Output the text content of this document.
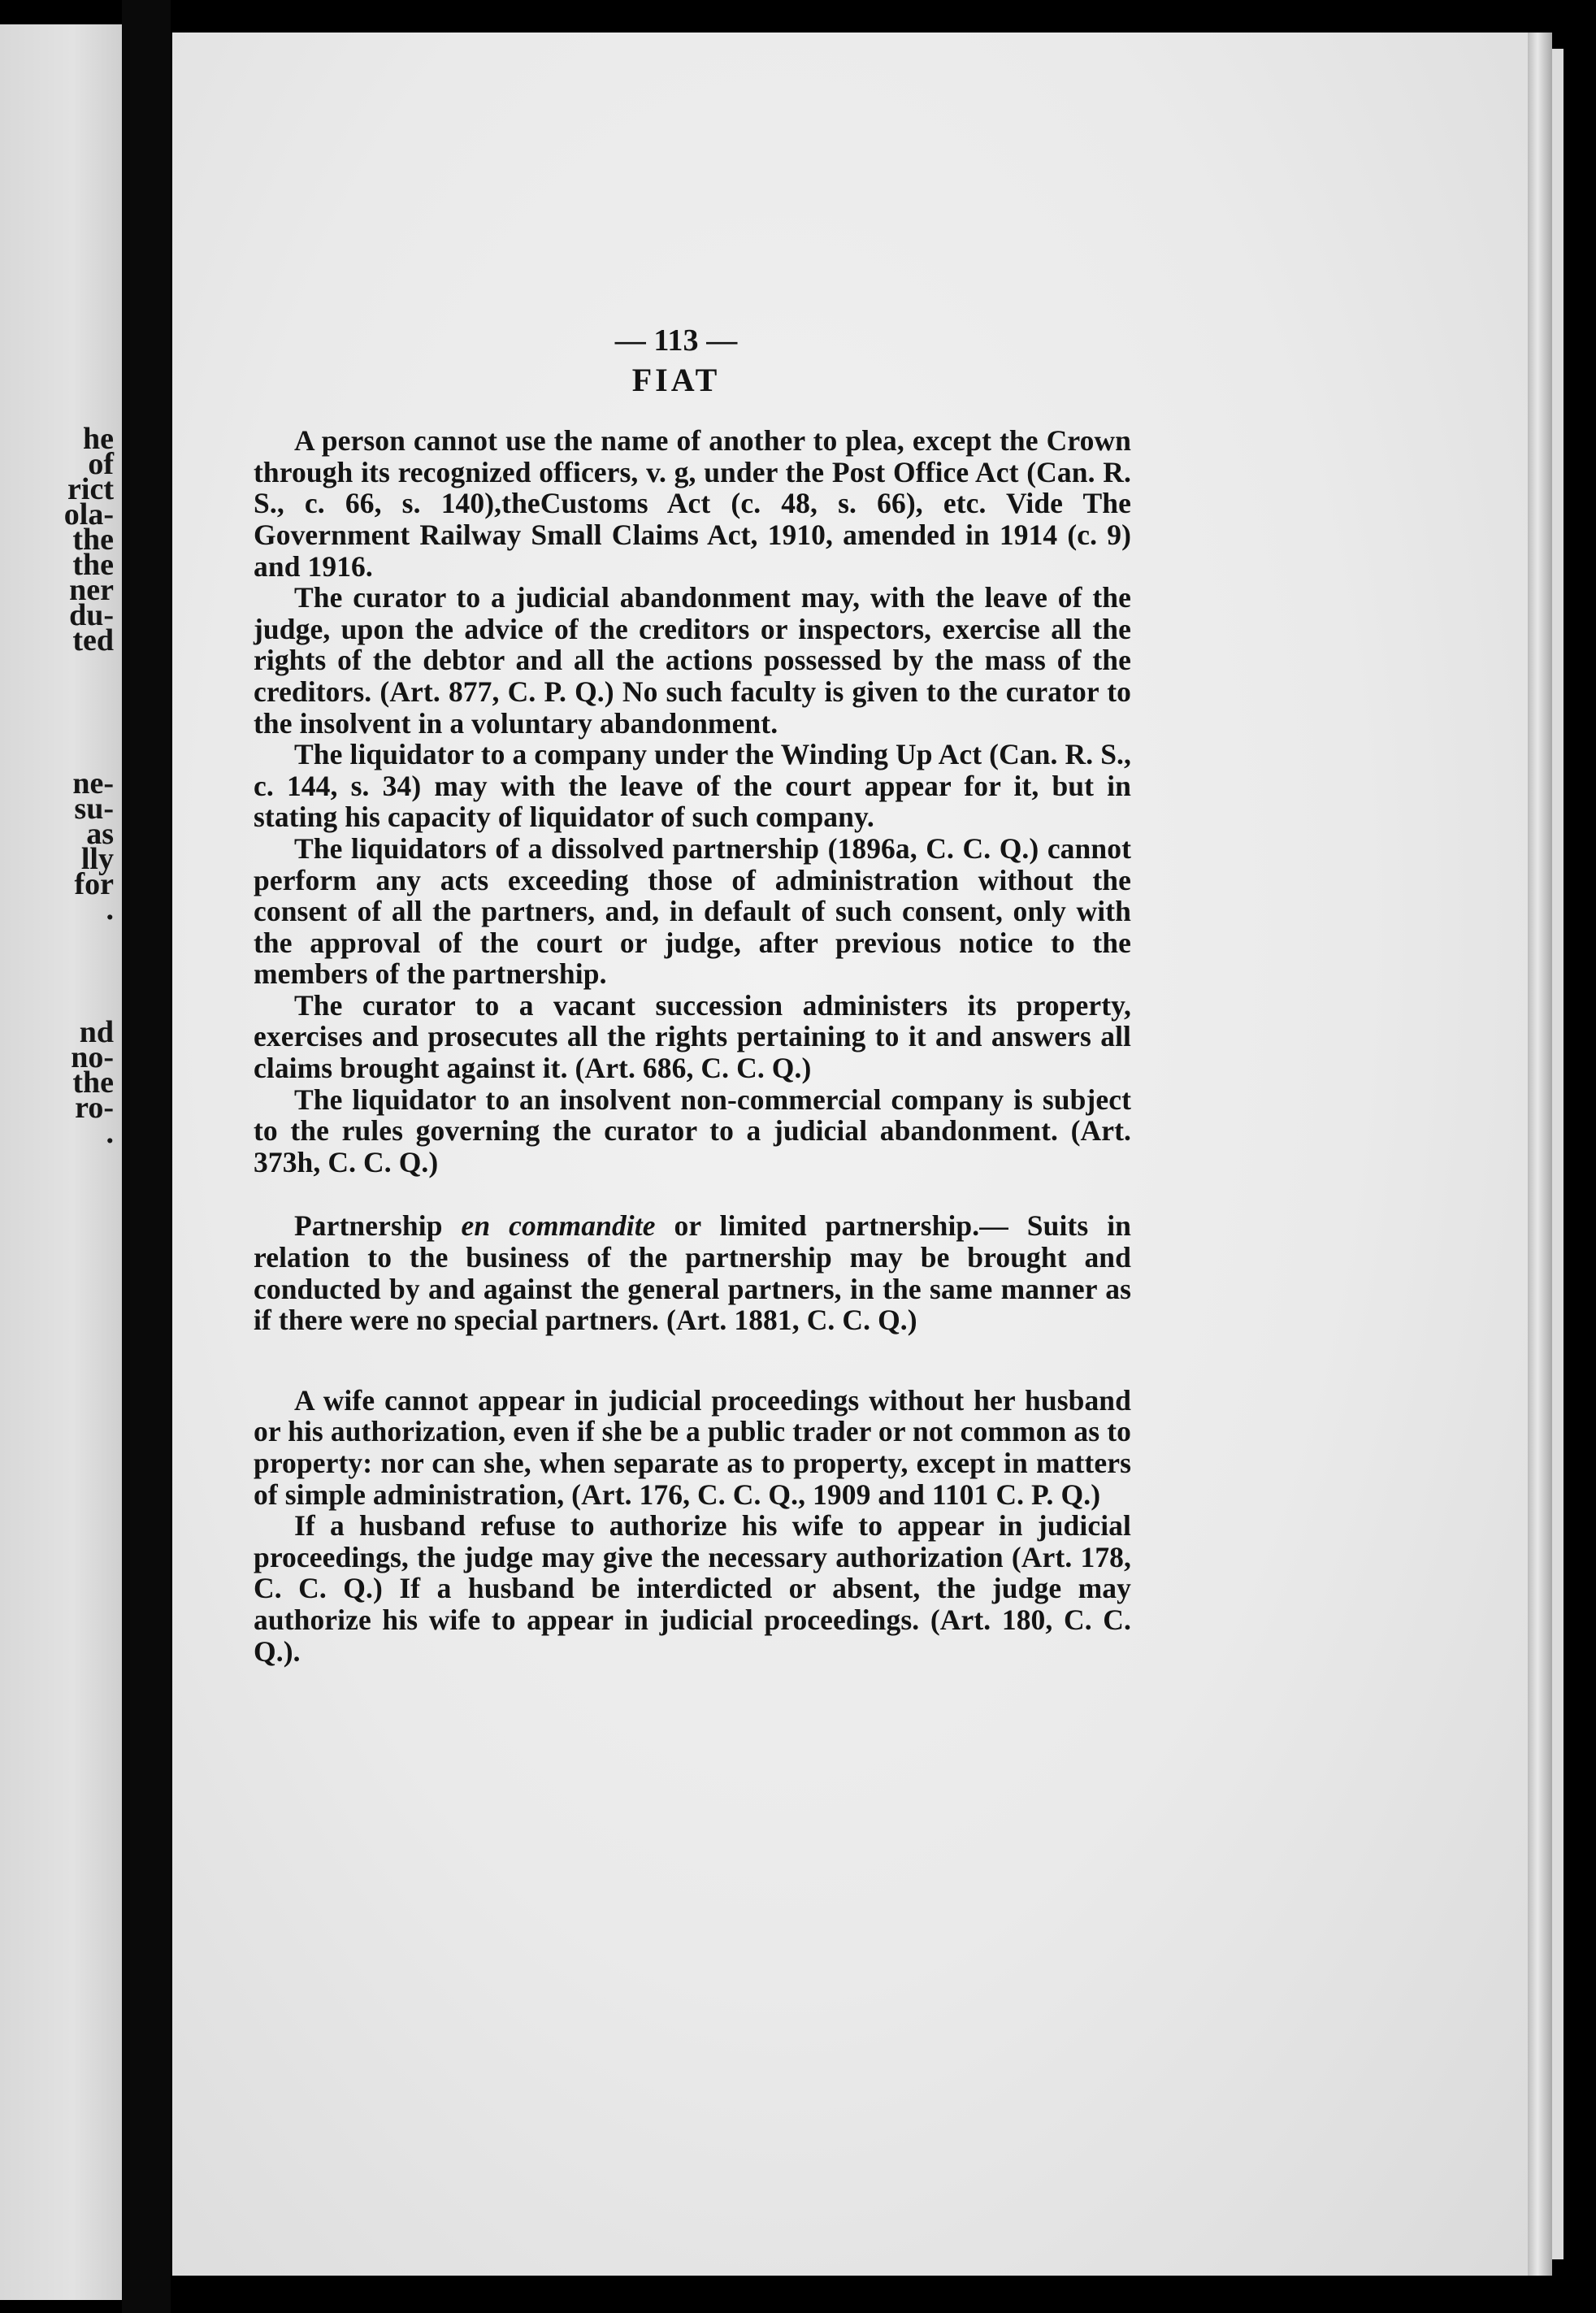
he
of
rict
ola-
the
the
ner
du-
ted
ne-
su-
as
lly
for
.
nd
no-
the
ro-
.
— 113 —
FIAT

A person cannot use the name of another to plea, except the Crown through its recognized officers, v. g, under the Post Office Act (Can. R. S., c. 66, s. 140),theCustoms Act (c. 48, s. 66), etc. Vide The Government Railway Small Claims Act, 1910, amended in 1914 (c. 9) and 1916.

The curator to a judicial abandonment may, with the leave of the judge, upon the advice of the creditors or inspectors, exercise all the rights of the debtor and all the actions possessed by the mass of the creditors. (Art. 877, C. P. Q.) No such faculty is given to the curator to the insolvent in a voluntary abandonment.

The liquidator to a company under the Winding Up Act (Can. R. S., c. 144, s. 34) may with the leave of the court appear for it, but in stating his capacity of liquidator of such company.

The liquidators of a dissolved partnership (1896a, C. C. Q.) cannot perform any acts exceeding those of administration without the consent of all the partners, and, in default of such consent, only with the approval of the court or judge, after previous notice to the members of the partnership.

The curator to a vacant succession administers its property, exercises and prosecutes all the rights pertaining to it and answers all claims brought against it. (Art. 686, C. C. Q.)

The liquidator to an insolvent non-commercial company is subject to the rules governing the curator to a judicial abandonment. (Art. 373h, C. C. Q.)

Partnership en commandite or limited partnership.— Suits in relation to the business of the partnership may be brought and conducted by and against the general partners, in the same manner as if there were no special partners. (Art. 1881, C. C. Q.)

A wife cannot appear in judicial proceedings without her husband or his authorization, even if she be a public trader or not common as to property: nor can she, when separate as to property, except in matters of simple administration, (Art. 176, C. C. Q., 1909 and 1101 C. P. Q.)

If a husband refuse to authorize his wife to appear in judicial proceedings, the judge may give the necessary authorization (Art. 178, C. C. Q.) If a husband be interdicted or absent, the judge may authorize his wife to appear in judicial proceedings. (Art. 180, C. C. Q.).
